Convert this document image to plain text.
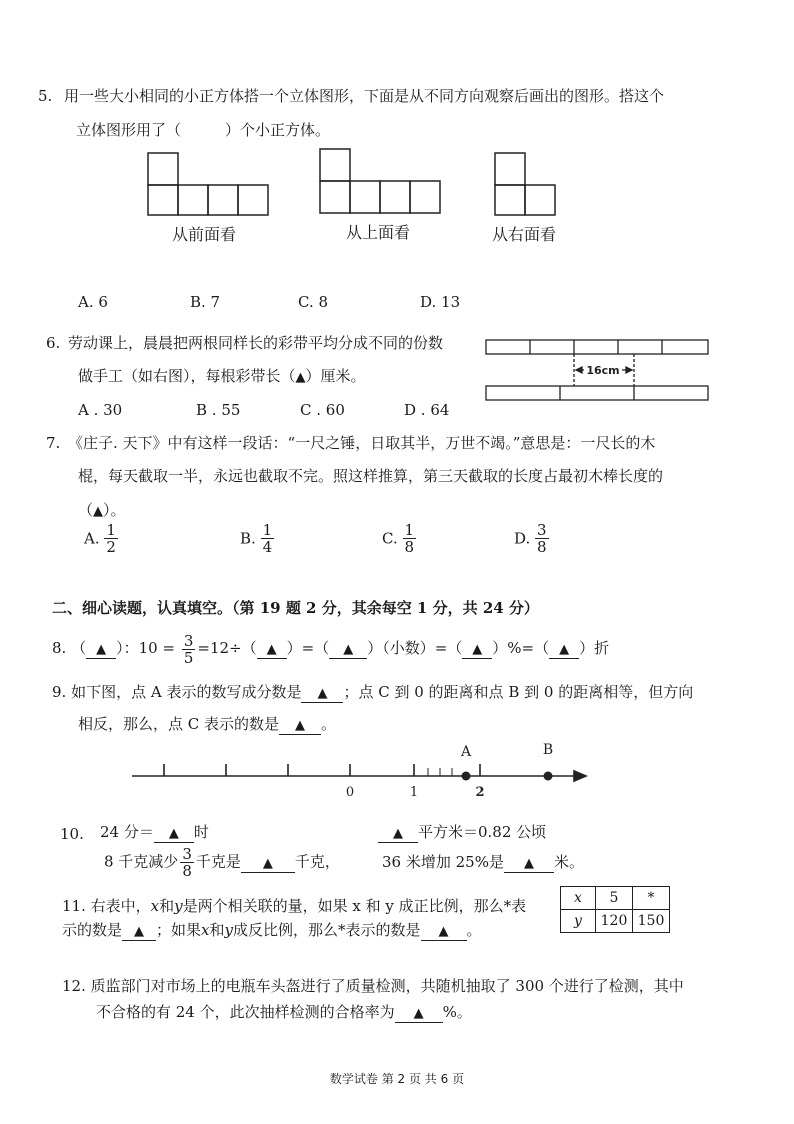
5. 用一些大小相同的小正方体搭一个立体图形，下面是从不同方向观察后画出的图形。搭这个
立体图形用了（	）个小正方体。
从前面看	从上面看	从右面看
A. 6	B. 7	C. 8	D. 13
6. 劳动课上，晨晨把两根同样长的彩带平均分成不同的份数
做手工（如右图），每根彩带长（▲）厘米。
A . 30	B . 55	C . 60	D . 64
16cm
7. 《庄子. 天下》中有这样一段话：“一尺之锤，日取其半，万世不竭。”意思是：一尺长的木
棍，每天截取一半，永远也截取不完。照这样推算，第三天截取的长度占最初木棒长度的
（▲）。
A. $\frac{1}{2}$	B. $\frac{1}{4}$	C. $\frac{1}{8}$	D. $\frac{3}{8}$
二、细心读题，认真填空。（第 19 题 2 分，其余每空 1 分，共 24 分）
8. （ ▲ ）：$10 = \frac{3}{5} =12\div$（ ▲ ）=（ ▲ ）（小数）=（ ▲ ）%=（ ▲ ）折
9. 如下图，点 A 表示的数写成分数是 ▲ ；点 C 到 0 的距离和点 B 到 0 的距离相等，但方向
相反，那么，点 C 表示的数是 ▲ 。
A	B
0	1	2
10. 24 分＝ ▲ 时	▲ 平方米＝0.82 公顷
8 千克减少 $\frac{3}{8}$ 千克是 ▲ 千克，	36 米增加 25%是 ▲ 米。
11. 右表中，x和y是两个相关联的量，如果 x 和 y 成正比例，那么*表
示的数是 ▲ ；如果x和y成反比例，那么*表示的数是 ▲ 。
x	5	*
y	120	150
12. 质监部门对市场上的电瓶车头盔进行了质量检测，共随机抽取了 300 个进行了检测，其中
不合格的有 24 个，此次抽样检测的合格率为 ▲ %。
数学试卷 第 2 页 共 6 页
